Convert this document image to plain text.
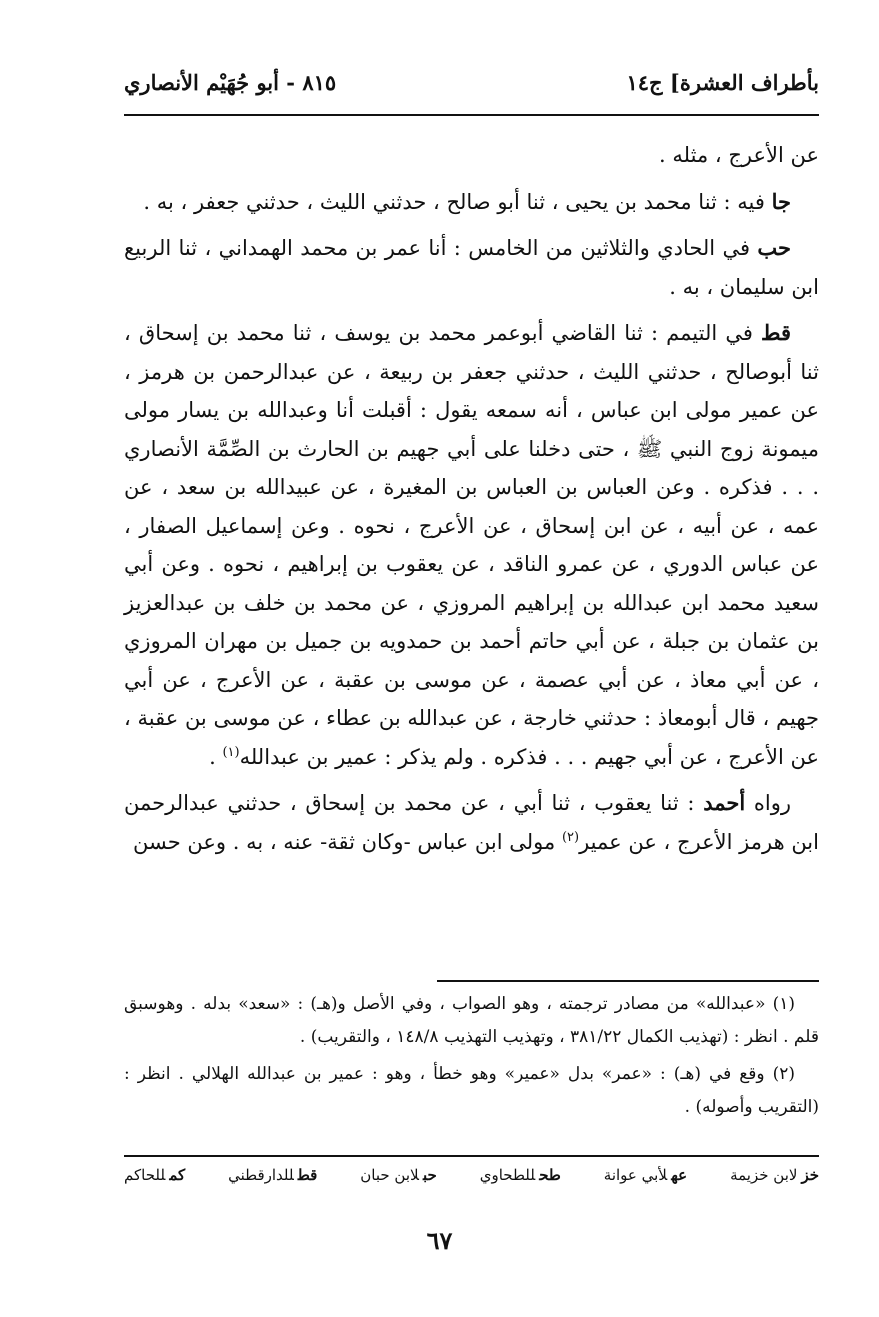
بأطراف العشرة] ج١٤
٨١٥ - أبو جُهَيْم الأنصاري

عن الأعرج ، مثله .

جا فيه : ثنا محمد بن يحيى ، ثنا أبو صالح ، حدثني الليث ، حدثني جعفر ، به .

حب في الحادي والثلاثين من الخامس : أنا عمر بن محمد الهمداني ، ثنا الربيع ابن سليمان ، به .

قط في التيمم : ثنا القاضي أبوعمر محمد بن يوسف ، ثنا محمد بن إسحاق ، ثنا أبوصالح ، حدثني الليث ، حدثني جعفر بن ربيعة ، عن عبدالرحمن بن هرمز ، عن عمير مولى ابن عباس ، أنه سمعه يقول : أقبلت أنا وعبدالله بن يسار مولى ميمونة زوج النبي ﷺ ، حتى دخلنا على أبي جهيم بن الحارث بن الصِّمَّة الأنصاري . . . فذكره . وعن العباس بن العباس بن المغيرة ، عن عبيدالله بن سعد ، عن عمه ، عن أبيه ، عن ابن إسحاق ، عن الأعرج ، نحوه . وعن إسماعيل الصفار ، عن عباس الدوري ، عن عمرو الناقد ، عن يعقوب بن إبراهيم ، نحوه . وعن أبي سعيد محمد ابن عبدالله بن إبراهيم المروزي ، عن محمد بن خلف بن عبدالعزيز بن عثمان بن جبلة ، عن أبي حاتم أحمد بن حمدويه بن جميل بن مهران المروزي ، عن أبي معاذ ، عن أبي عصمة ، عن موسى بن عقبة ، عن الأعرج ، عن أبي جهيم ، قال أبومعاذ : حدثني خارجة ، عن عبدالله بن عطاء ، عن موسى بن عقبة ، عن الأعرج ، عن أبي جهيم . . . فذكره . ولم يذكر : عمير بن عبدالله$^{(١)}$ .

رواه أحمد : ثنا يعقوب ، ثنا أبي ، عن محمد بن إسحاق ، حدثني عبدالرحمن ابن هرمز الأعرج ، عن عمير$^{(٢)}$ مولى ابن عباس -وكان ثقة- عنه ، به . وعن حسن

(١) «عبدالله» من مصادر ترجمته ، وهو الصواب ، وفي الأصل و(هـ) : «سعد» بدله . وهوسبق قلم . انظر : (تهذيب الكمال ٣٨١/٢٢ ، وتهذيب التهذيب ١٤٨/٨ ، والتقريب) .

(٢) وقع في (هـ) : «عمر» بدل «عمير» وهو خطأ ، وهو : عمير بن عبدالله الهلالي . انظر : (التقريب وأصوله) .

خزلابن خزيمة
عهلأبي عوانة
طحللطحاوي
حبلابن حبان
قطللدارقطني
كمللحاكم
٦٧
